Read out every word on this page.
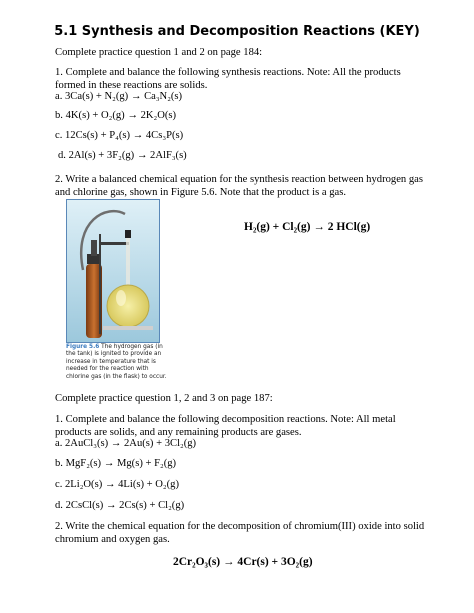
5.1 Synthesis and Decomposition Reactions (KEY)
Complete practice question 1 and 2 on page 184:
1. Complete and balance the following synthesis reactions. Note: All the products formed in these reactions are solids.
a. 3Ca(s) + N₂(g) → Ca₃N₂(s)
b. 4K(s) + O₂(g) → 2K₂O(s)
c. 12Cs(s) + P₄(s) → 4Cs₃P(s)
d. 2Al(s) + 3F₂(g) → 2AlF₃(s)
2. Write a balanced chemical equation for the synthesis reaction between hydrogen gas and chlorine gas, shown in Figure 5.6. Note that the product is a gas.
Figure 5.6 The hydrogen gas (in the tank) is ignited to provide an increase in temperature that is needed for the reaction with chlorine gas (in the flask) to occur.
H₂(g) + Cl₂(g) → 2 HCl(g)
Complete practice question 1, 2 and 3 on page 187:
1. Complete and balance the following decomposition reactions. Note: All metal products are solids, and any remaining products are gases.
a. 2AuCl₃(s) → 2Au(s) + 3Cl₂(g)
b. MgF₂(s) → Mg(s) + F₂(g)
c. 2Li₂O(s) → 4Li(s) + O₂(g)
d. 2CsCl(s) → 2Cs(s) + Cl₂(g)
2. Write the chemical equation for the decomposition of chromium(III) oxide into solid chromium and oxygen gas.
2Cr₂O₃(s) → 4Cr(s) + 3O₂(g)
